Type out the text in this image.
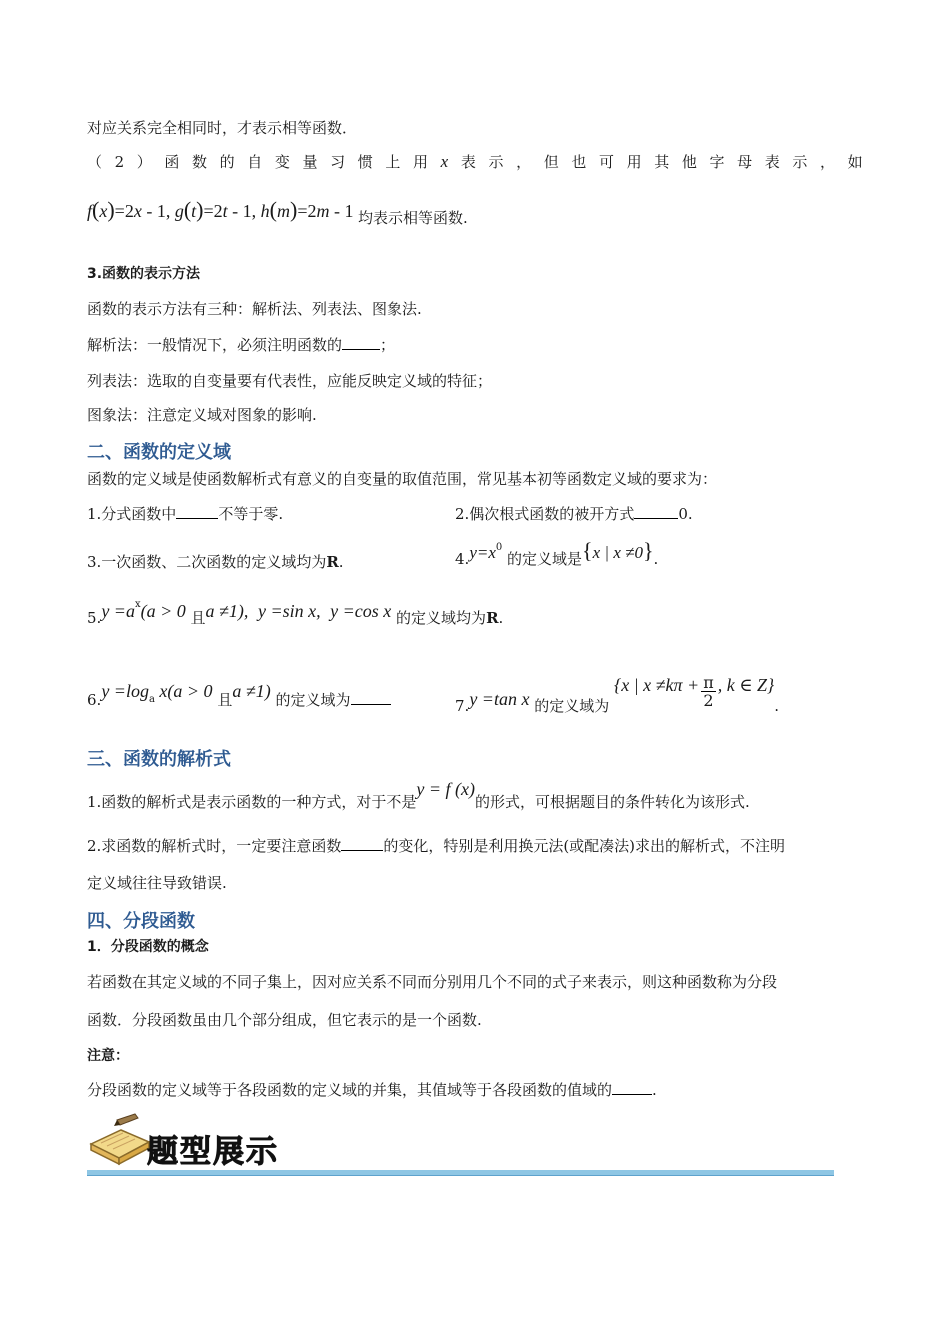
对应关系完全相同时，才表示相等函数．
（ 2 ） 函 数 的 自 变 量 习 惯 上 用 x 表 示 ， 但 也 可 用 其 他 字 母 表 示 ， 如
f(x)=2x - 1, g(t)=2t - 1, h(m)=2m - 1 均表示相等函数.
3.函数的表示方法
函数的表示方法有三种：解析法、列表法、图象法.
解析法：一般情况下，必须注明函数的	；
列表法：选取的自变量要有代表性，应能反映定义域的特征；
图象法：注意定义域对图象的影响.
二、函数的定义域
函数的定义域是使函数解析式有意义的自变量的取值范围，常见基本初等函数定义域的要求为：
1.分式函数中	不等于零.	2.偶次根式函数的被开方式	0.
3.一次函数、二次函数的定义域均为R.	$4.y=x^0$ 的定义域是{x | x ≠0}.
$5.y =a^x(a > 0$ 且a ≠1), y =sin x, y =cos x 的定义域均为R.
$6.y =\log^a$ x(a > 0 且a ≠1) 的定义域为	7.y =tan x 的定义域为 {x | $x \ne k\pi + \frac{\pi}{2}$ , k ∈ Z}.
三、函数的解析式
1.函数的解析式是表示函数的一种方式，对于不是y = f (x)的形式，可根据题目的条件转化为该形式.
2.求函数的解析式时，一定要注意函数	的变化，特别是利用换元法(或配凑法)求出的解析式，不注明
定义域往往导致错误.
四、分段函数
1．分段函数的概念
若函数在其定义域的不同子集上，因对应关系不同而分别用几个不同的式子来表示，则这种函数称为分段
函数．分段函数虽由几个部分组成，但它表示的是一个函数.
注意：
分段函数的定义域等于各段函数的定义域的并集，其值域等于各段函数的值域的	.
题型展示
